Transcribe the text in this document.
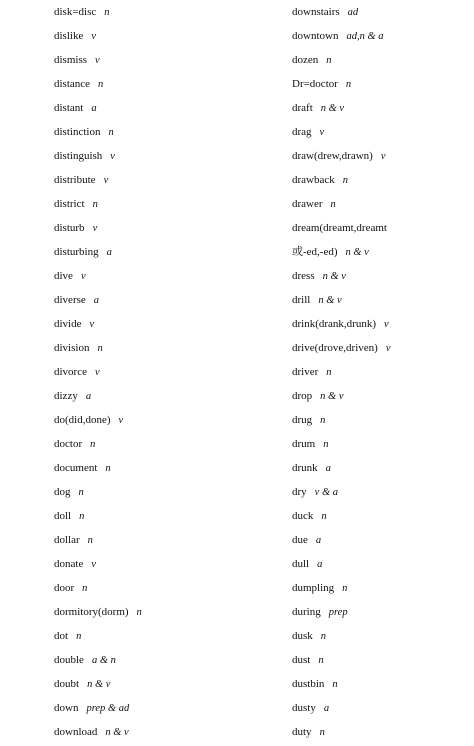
disk=disc n
dislike v
dismiss v
distance n
distant a
distinction n
distinguish v
distribute v
district n
disturb v
disturbing a
dive v
diverse a
divide v
division n
divorce v
dizzy a
do(did,done) v
doctor n
document n
dog n
doll n
dollar n
donate v
door n
dormitory(dorm) n
dot n
double a & n
doubt n & v
down prep & ad
download n & v
downstairs ad
downtown ad,n & a
dozen n
Dr=doctor n
draft n & v
drag v
draw(drew,drawn) v
drawback n
drawer n
dream(dreamt,dreamt
或-ed,-ed) n & v
dress n & v
drill n & v
drink(drank,drunk) v
drive(drove,driven) v
driver n
drop n & v
drug n
drum n
drunk a
dry v & a
duck n
due a
dull a
dumpling n
during prep
dusk n
dust n
dustbin n
dusty a
duty n
